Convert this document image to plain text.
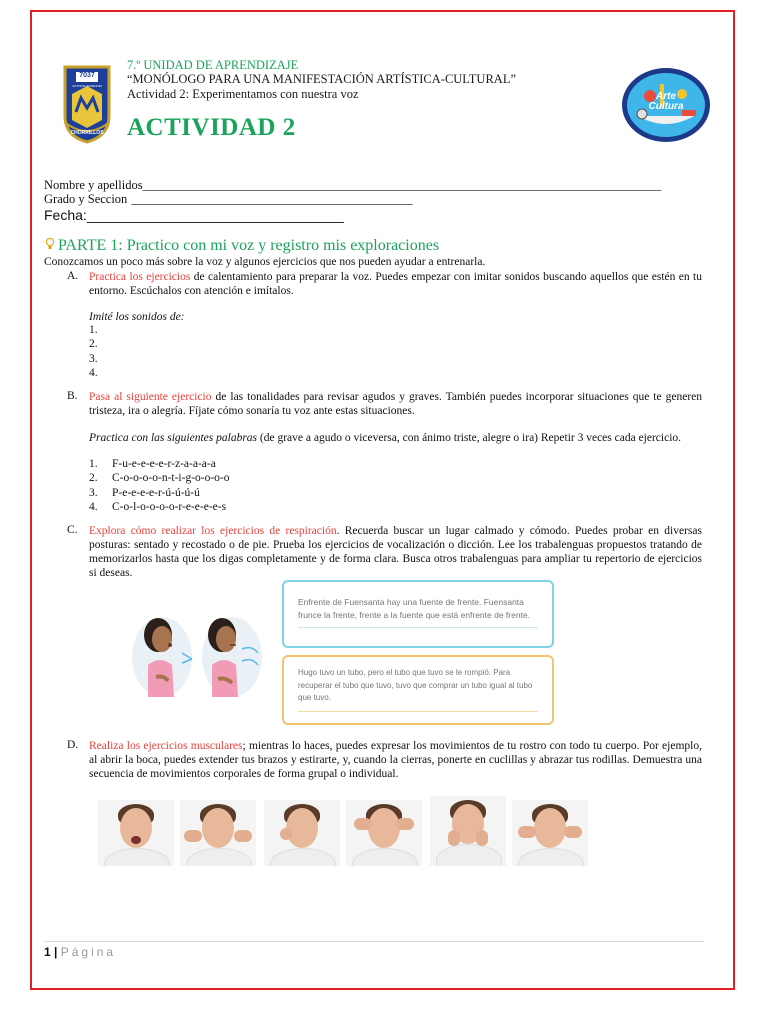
7037
ANTONIO RAIMONDI
CHORRILLOS
7.º UNIDAD DE APRENDIZAJE
“MONÓLOGO PARA UNA MANIFESTACIÓN ARTÍSTICA-CULTURAL”
Actividad 2: Experimentamos con nuestra voz
ACTIVIDAD 2
Arte Cultura
Nombre y apellidos___________________________________________________________________________________
Grado y Seccion _____________________________________________
Fecha:_________________________________
PARTE 1: Practico con mi voz y registro mis exploraciones
Conozcamos un poco más sobre la voz y algunos ejercicios que nos pueden ayudar a entrenarla.
A. Practica los ejercicios de calentamiento para preparar la voz. Puedes empezar con imitar sonidos buscando aquellos que estén en tu entorno. Escúchalos con atención e imítalos.
Imité los sonidos de:
1.
2.
3.
4.
B. Pasa al siguiente ejercicio de las tonalidades para revisar agudos y graves. También puedes incorporar situaciones que te generen tristeza, ira o alegría. Fíjate cómo sonaría tu voz ante estas situaciones.
Practica con las siguientes palabras (de grave a agudo o viceversa, con ánimo triste, alegre o ira) Repetir 3 veces cada ejercicio.
1. F-u-e-e-e-e-r-z-a-a-a-a
2. C-o-o-o-o-n-t-i-g-o-o-o-o
3. P-e-e-e-e-r-ú-ú-ú-ú
4. C-o-l-o-o-o-o-r-e-e-e-e-s
C. Explora cómo realizar los ejercicios de respiración. Recuerda buscar un lugar calmado y cómodo. Puedes probar en diversas posturas: sentado y recostado o de pie. Prueba los ejercicios de vocalización o dicción. Lee los trabalenguas propuestos tratando de memorizarlos hasta que los digas completamente y de forma clara. Busca otros trabalenguas para ampliar tu repertorio de ejercicios si deseas.
Enfrente de Fuensanta hay una fuente de frente. Fuensanta frunce la frente, frente a la fuente que está enfrente de frente.
Hugo tuvo un tubo, pero el tubo que tuvo se le rompió. Para recuperar el tubo que tuvo, tuvo que comprar un tubo igual al tubo que tuvo.
D. Realiza los ejercicios musculares; mientras lo haces, puedes expresar los movimientos de tu rostro con todo tu cuerpo. Por ejemplo, al abrir la boca, puedes extender tus brazos y estirarte, y, cuando la cierras, ponerte en cuclillas y abrazar tus rodillas. Demuestra una secuencia de movimientos corporales de forma grupal o individual.
1 | Página
